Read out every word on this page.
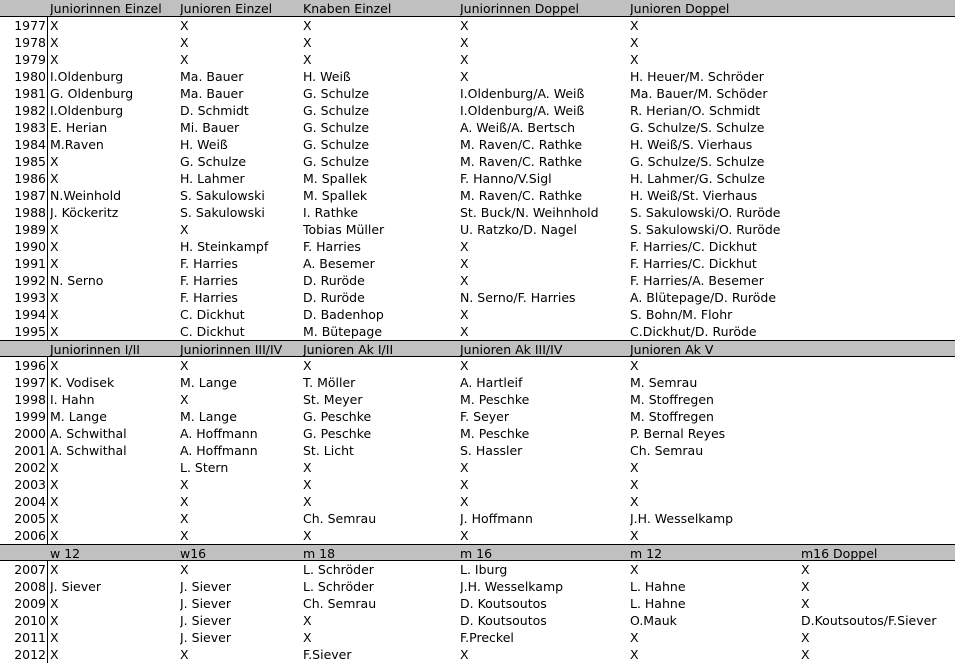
Juniorinnen Einzel	Junioren Einzel	Knaben Einzel	Juniorinnen Doppel	Junioren Doppel
1977 X	X	X	X	X
1978 X	X	X	X	X
1979 X	X	X	X	X
1980 I.Oldenburg	Ma. Bauer	H. Weiß	X	H. Heuer/M. Schröder
1981 G. Oldenburg	Ma. Bauer	G. Schulze	I.Oldenburg/A. Weiß	Ma. Bauer/M. Schöder
1982 I.Oldenburg	D. Schmidt	G. Schulze	I.Oldenburg/A. Weiß	R. Herian/O. Schmidt
1983 E. Herian	Mi. Bauer	G. Schulze	A. Weiß/A. Bertsch	G. Schulze/S. Schulze
1984 M.Raven	H. Weiß	G. Schulze	M. Raven/C. Rathke	H. Weiß/S. Vierhaus
1985 X	G. Schulze	G. Schulze	M. Raven/C. Rathke	G. Schulze/S. Schulze
1986 X	H. Lahmer	M. Spallek	F. Hanno/V.Sigl	H. Lahmer/G. Schulze
1987 N.Weinhold	S. Sakulowski	M. Spallek	M. Raven/C. Rathke	H. Weiß/St. Vierhaus
1988 J. Köckeritz	S. Sakulowski	I. Rathke	St. Buck/N. Weihnhold	S. Sakulowski/O. Ruröde
1989 X	X	Tobias Müller	U. Ratzko/D. Nagel	S. Sakulowski/O. Ruröde
1990 X	H. Steinkampf	F. Harries	X	F. Harries/C. Dickhut
1991 X	F. Harries	A. Besemer	X	F. Harries/C. Dickhut
1992 N. Serno	F. Harries	D. Ruröde	X	F. Harries/A. Besemer
1993 X	F. Harries	D. Ruröde	N. Serno/F. Harries	A. Blütepage/D. Ruröde
1994 X	C. Dickhut	D. Badenhop	X	S. Bohn/M. Flohr
1995 X	C. Dickhut	M. Bütepage	X	C.Dickhut/D. Ruröde
Juniorinnen I/II	Juniorinnen III/IV	Junioren Ak I/II	Junioren Ak III/IV	Junioren Ak V
1996 X	X	X	X	X
1997 K. Vodisek	M. Lange	T. Möller	A. Hartleif	M. Semrau
1998 I. Hahn	X	St. Meyer	M. Peschke	M. Stoffregen
1999 M. Lange	M. Lange	G. Peschke	F. Seyer	M. Stoffregen
2000 A. Schwithal	A. Hoffmann	G. Peschke	M. Peschke	P. Bernal Reyes
2001 A. Schwithal	A. Hoffmann	St. Licht	S. Hassler	Ch. Semrau
2002 X	L. Stern	X	X	X
2003 X	X	X	X	X
2004 X	X	X	X	X
2005 X	X	Ch. Semrau	J. Hoffmann	J.H. Wesselkamp
2006 X	X	X	X	X
w 12	w16	m 18	m 16	m 12	m16 Doppel
2007 X	X	L. Schröder	L. Iburg	X	X
2008 J. Siever	J. Siever	L. Schröder	J.H. Wesselkamp	L. Hahne	X
2009 X	J. Siever	Ch. Semrau	D. Koutsoutos	L. Hahne	X
2010 X	J. Siever	X	D. Koutsoutos	O.Mauk	D.Koutsoutos/F.Siever
2011 X	J. Siever	X	F.Preckel	X	X
2012 X	X	F.Siever	X	X	X
